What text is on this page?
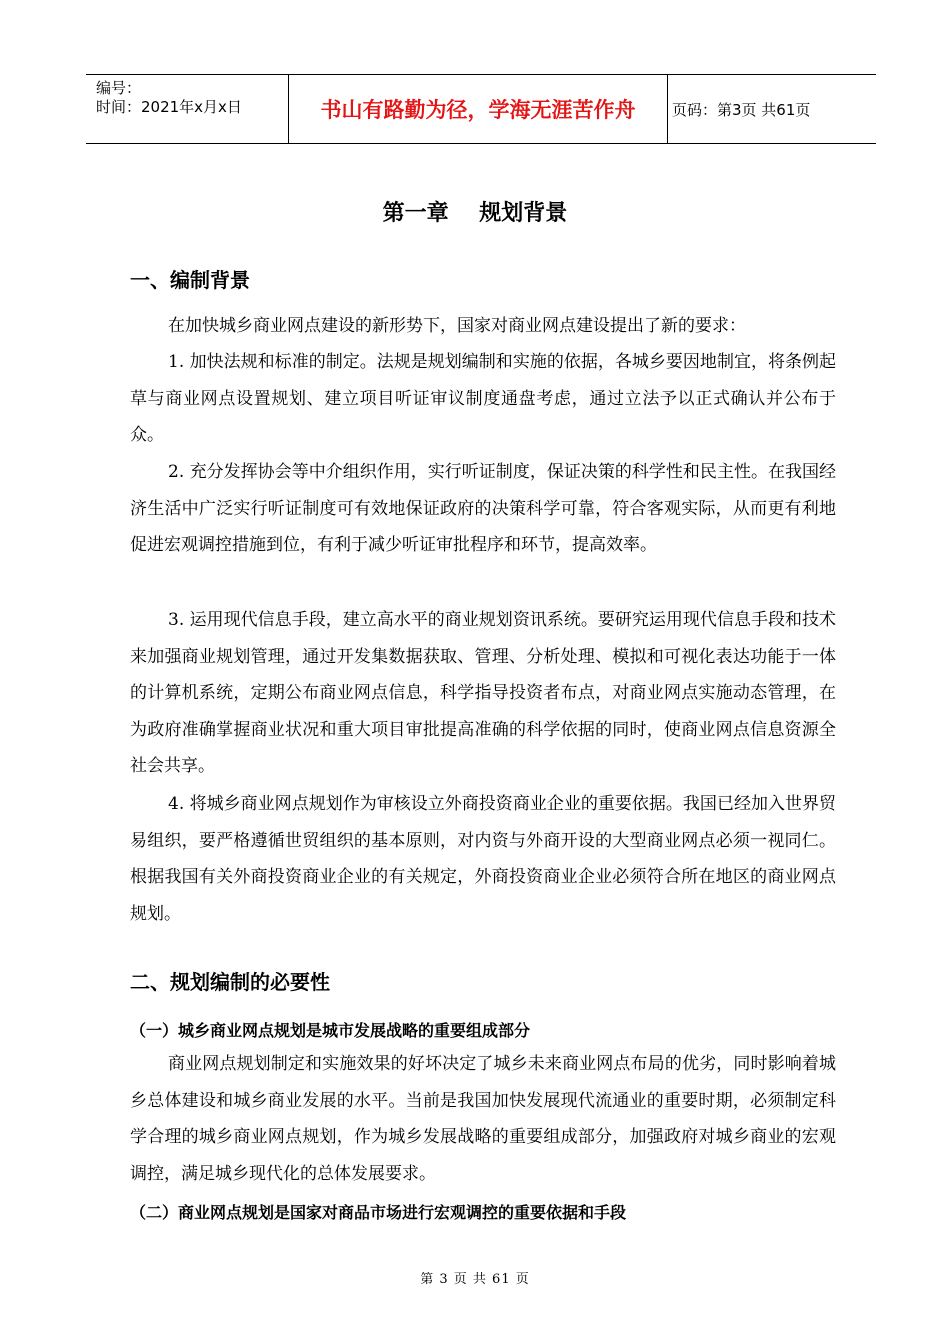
编号：
时间：2021年x月x日	书山有路勤为径，学海无涯苦作舟	页码：第3页 共61页
第一章    规划背景
一、编制背景

在加快城乡商业网点建设的新形势下，国家对商业网点建设提出了新的要求：

1. 加快法规和标准的制定。法规是规划编制和实施的依据，各城乡要因地制宜，将条例起草与商业网点设置规划、建立项目听证审议制度通盘考虑，通过立法予以正式确认并公布于众。

2. 充分发挥协会等中介组织作用，实行听证制度，保证决策的科学性和民主性。在我国经济生活中广泛实行听证制度可有效地保证政府的决策科学可靠，符合客观实际，从而更有利地促进宏观调控措施到位，有利于减少听证审批程序和环节，提高效率。

3. 运用现代信息手段，建立高水平的商业规划资讯系统。要研究运用现代信息手段和技术来加强商业规划管理，通过开发集数据获取、管理、分析处理、模拟和可视化表达功能于一体的计算机系统，定期公布商业网点信息，科学指导投资者布点，对商业网点实施动态管理，在为政府准确掌握商业状况和重大项目审批提高准确的科学依据的同时，使商业网点信息资源全社会共享。

4. 将城乡商业网点规划作为审核设立外商投资商业企业的重要依据。我国已经加入世界贸易组织，要严格遵循世贸组织的基本原则，对内资与外商开设的大型商业网点必须一视同仁。根据我国有关外商投资商业企业的有关规定，外商投资商业企业必须符合所在地区的商业网点规划。

二、规划编制的必要性
（一）城乡商业网点规划是城市发展战略的重要组成部分

商业网点规划制定和实施效果的好坏决定了城乡未来商业网点布局的优劣，同时影响着城乡总体建设和城乡商业发展的水平。当前是我国加快发展现代流通业的重要时期，必须制定科学合理的城乡商业网点规划，作为城乡发展战略的重要组成部分，加强政府对城乡商业的宏观调控，满足城乡现代化的总体发展要求。

（二）商业网点规划是国家对商品市场进行宏观调控的重要依据和手段
第 3 页 共 61 页
